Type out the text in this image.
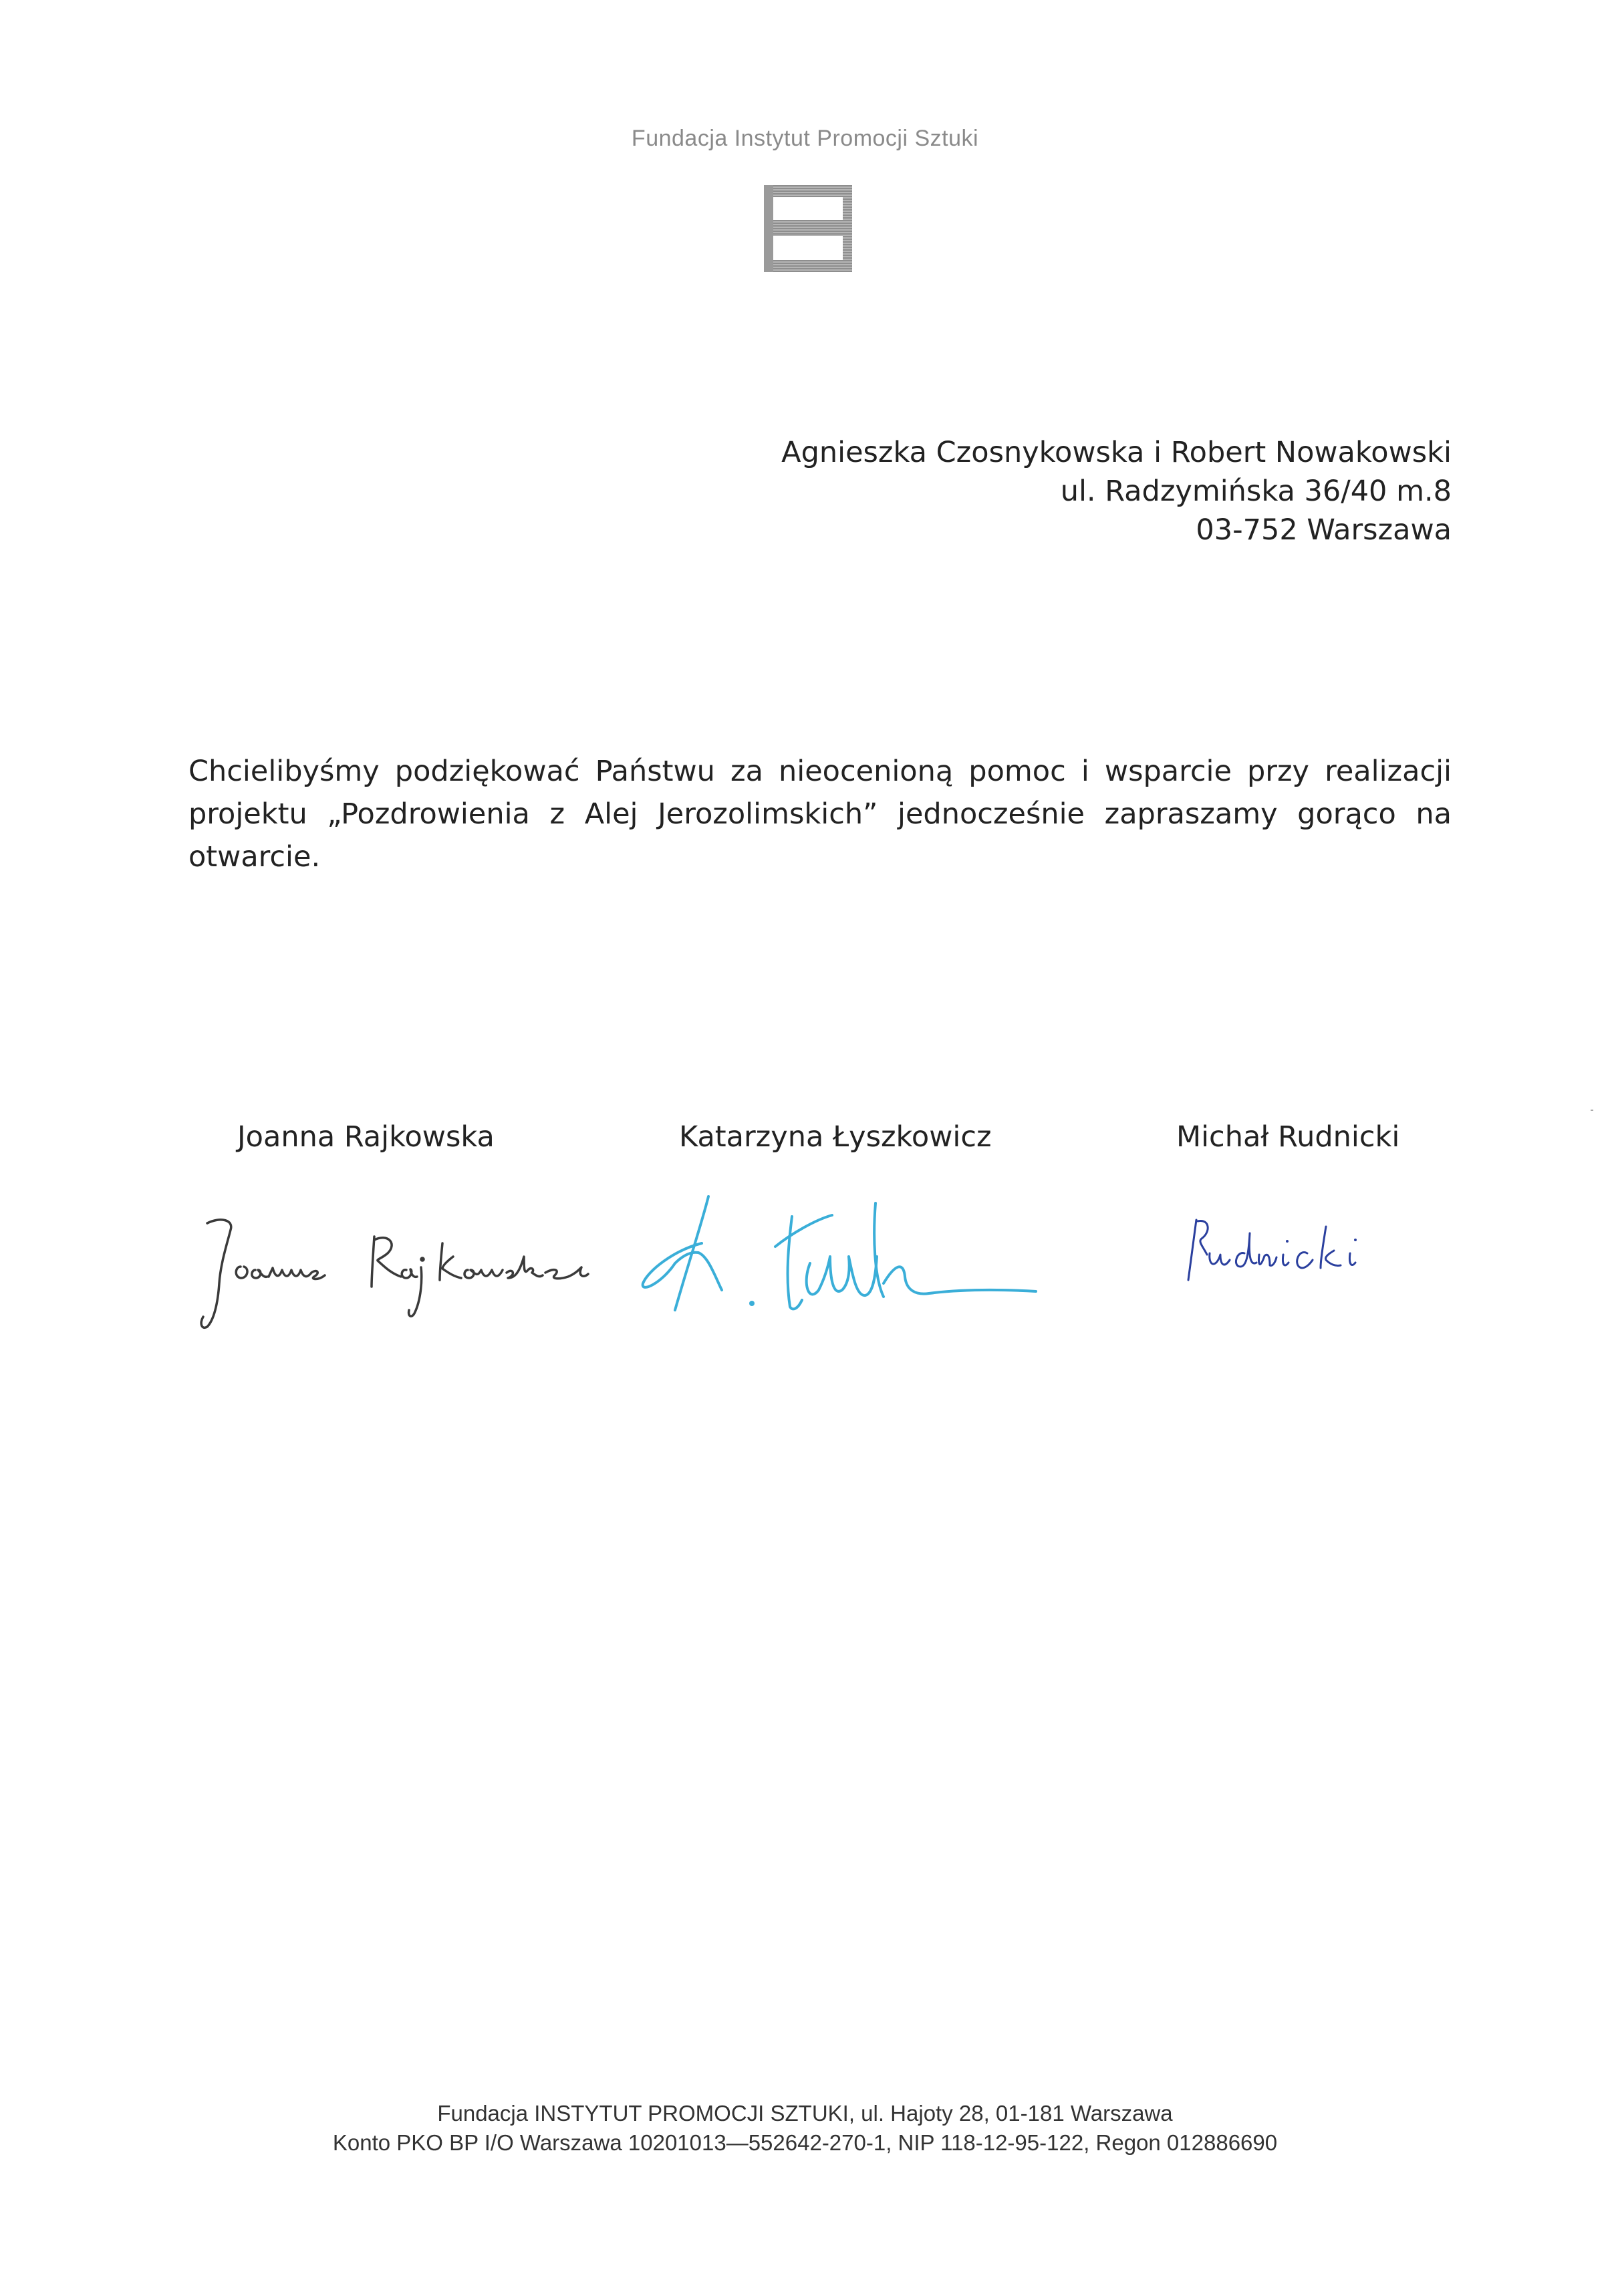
Fundacja Instytut Promocji Sztuki
Agnieszka Czosnykowska i Robert Nowakowski
ul. Radzymińska 36/40 m.8
03-752 Warszawa
Chcielibyśmy podziękować Państwu za nieocenioną pomoc i wsparcie przy realizacji projektu „Pozdrowienia z Alej Jerozolimskich” jednocześnie zapraszamy gorąco na otwarcie.
Joanna Rajkowska	Katarzyna Łyszkowicz	Michał Rudnicki
Fundacja INSTYTUT PROMOCJI SZTUKI, ul. Hajoty 28, 01-181 Warszawa
Konto PKO BP I/O Warszawa 10201013—552642-270-1, NIP 118-12-95-122, Regon 012886690
